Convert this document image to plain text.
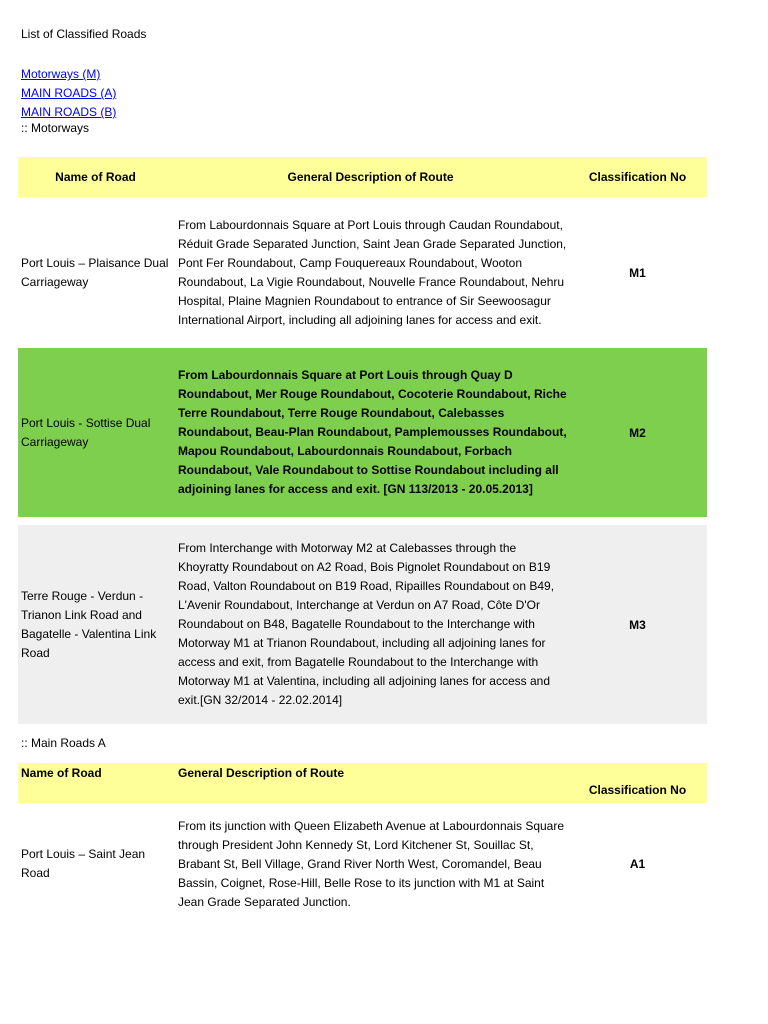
List of Classified Roads
Motorways (M)
MAIN ROADS (A)
MAIN ROADS (B)
:: Motorways
Name of Road	General Description of Route	Classification No
Port Louis – Plaisance Dual Carriageway	From Labourdonnais Square at Port Louis through Caudan Roundabout, Réduit Grade Separated Junction, Saint Jean Grade Separated Junction, Pont Fer Roundabout, Camp Fouquereaux Roundabout, Wooton Roundabout, La Vigie Roundabout, Nouvelle France Roundabout, Nehru Hospital, Plaine Magnien Roundabout to entrance of Sir Seewoosagur International Airport, including all adjoining lanes for access and exit.	M1
Port Louis - Sottise Dual Carriageway	From Labourdonnais Square at Port Louis through Quay D Roundabout, Mer Rouge Roundabout, Cocoterie Roundabout, Riche Terre Roundabout, Terre Rouge Roundabout, Calebasses Roundabout, Beau-Plan Roundabout, Pamplemousses Roundabout, Mapou Roundabout, Labourdonnais Roundabout, Forbach Roundabout, Vale Roundabout to Sottise Roundabout including all adjoining lanes for access and exit. [GN 113/2013 - 20.05.2013]	M2

Terre Rouge - Verdun - Trianon Link Road and Bagatelle - Valentina Link Road	From Interchange with Motorway M2 at Calebasses through the Khoyratty Roundabout on A2 Road, Bois Pignolet Roundabout on B19 Road, Valton Roundabout on B19 Road, Ripailles Roundabout on B49, L'Avenir Roundabout, Interchange at Verdun on A7 Road, Côte D'Or Roundabout on B48, Bagatelle Roundabout to the Interchange with Motorway M1 at Trianon Roundabout, including all adjoining lanes for access and exit, from Bagatelle Roundabout to the Interchange with Motorway M1 at Valentina, including all adjoining lanes for access and exit.[GN 32/2014 - 22.02.2014]	M3
:: Main Roads A
Name of Road	General Description of Route	Classification No

Port Louis – Saint Jean Road	From its junction with Queen Elizabeth Avenue at Labourdonnais Square through President John Kennedy St, Lord Kitchener St, Souillac St, Brabant St, Bell Village, Grand River North West, Coromandel, Beau Bassin, Coignet, Rose-Hill, Belle Rose to its junction with M1 at Saint Jean Grade Separated Junction.	A1
